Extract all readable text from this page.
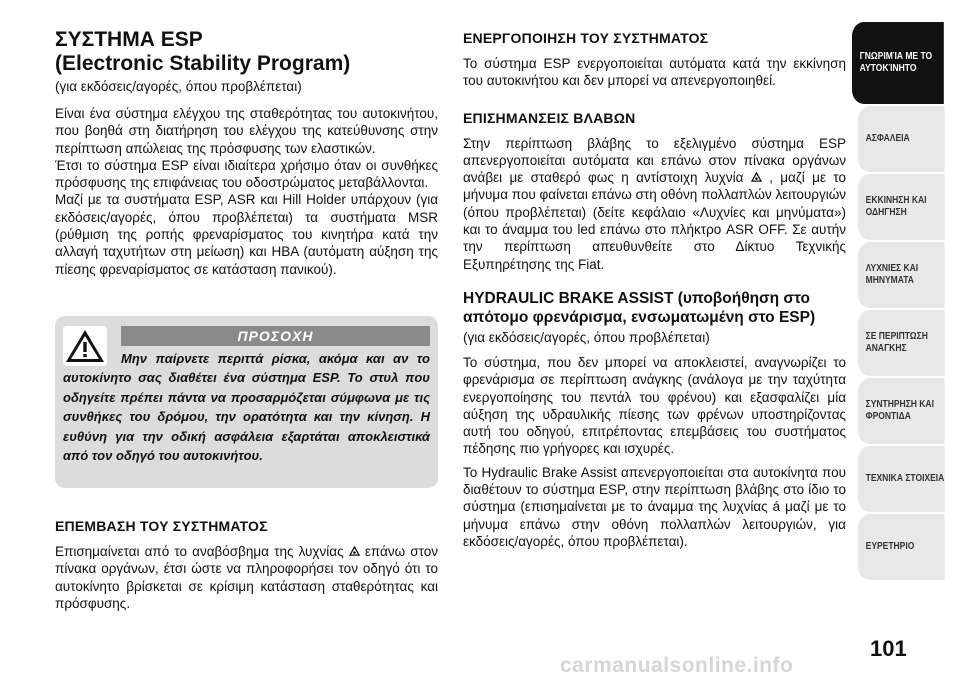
ΣΥΣΤΗΜΑ ESP
(Electronic Stability Program)
(για εκδόσεις/αγορές, όπου προβλέπεται)

Είναι ένα σύστημα ελέγχου της σταθερότητας του αυτοκινήτου, που βοηθά στη διατήρηση του ελέγχου της κατεύθυνσης στην περίπτωση απώλειας της πρόσφυσης των ελαστικών.

Έτσι το σύστημα ESP είναι ιδιαίτερα χρήσιμο όταν οι συνθήκες πρόσφυσης της επιφάνειας του οδοστρώματος μεταβάλλονται.

Μαζί με τα συστήματα ESP, ASR και Hill Holder υπάρχουν (για εκδόσεις/αγορές, όπου προβλέπεται) τα συστήματα MSR (ρύθμιση της ροπής φρεναρίσματος του κινητήρα κατά την αλλαγή ταχυτήτων στη μείωση) και HBA (αυτόματη αύξηση της πίεσης φρεναρίσματος σε κατάσταση πανικού).

ΠΡΟΣΟΧΗ
Μην παίρνετε περιττά ρίσκα, ακόμα και αν το αυτοκίνητο σας διαθέτει ένα σύστημα ESP. Το στυλ που οδηγείτε πρέπει πάντα να προσαρμόζεται σύμφωνα με τις συνθήκες του δρόμου, την ορατότητα και την κίνηση. Η ευθύνη για την οδική ασφάλεια εξαρτάται αποκλειστικά από τον οδηγό του αυτοκινήτου.
ΕΠΕΜΒΑΣΗ ΤΟΥ ΣΥΣΤΗΜΑΤΟΣ

Επισημαίνεται από το αναβόσβημα της λυχνίας επάνω στον πίνακα οργάνων, έτσι ώστε να πληροφορήσει τον οδηγό ότι το αυτοκίνητο βρίσκεται σε κρίσιμη κατάσταση σταθερότητας και πρόσφυσης.

ΕΝΕΡΓΟΠΟΙΗΣΗ ΤΟΥ ΣΥΣΤΗΜΑΤΟΣ

Το σύστημα ESP ενεργοποιείται αυτόματα κατά την εκκίνηση του αυτοκινήτου και δεν μπορεί να απενεργοποιηθεί.

ΕΠΙΣΗΜΑΝΣΕΙΣ ΒΛΑΒΩΝ

Στην περίπτωση βλάβης το εξελιγμένο σύστημα ESP απενεργοποιείται αυτόματα και επάνω στον πίνακα οργάνων ανάβει με σταθερό φως η αντίστοιχη λυχνία , μαζί με το μήνυμα που φαίνεται επάνω στη οθόνη πολλαπλών λειτουργιών (όπου προβλέπεται) (δείτε κεφάλαιο «Λυχνίες και μηνύματα») και το άναμμα του led επάνω στο πλήκτρο ASR OFF. Σε αυτήν την περίπτωση απευθυνθείτε στο Δίκτυο Τεχνικής Εξυπηρέτησης της Fiat.

HYDRAULIC BRAKE ASSIST (υποβοήθηση στο
απότομο φρενάρισμα, ενσωματωμένη στο ESP)
(για εκδόσεις/αγορές, όπου προβλέπεται)

Το σύστημα, που δεν μπορεί να αποκλειστεί, αναγνωρίζει το φρενάρισμα σε περίπτωση ανάγκης (ανάλογα με την ταχύτητα ενεργοποίησης του πεντάλ του φρένου) και εξασφαλίζει μία αύξηση της υδραυλικής πίεσης των φρένων υποστηρίζοντας αυτή του οδηγού, επιτρέποντας επεμβάσεις του συστήματος πέδησης πιο γρήγορες και ισχυρές.

Το Hydraulic Brake Assist απενεργοποιείται στα αυτοκίνητα που διαθέτουν το σύστημα ESP, στην περίπτωση βλάβης στο ίδιο το σύστημα (επισημαίνεται με το άναμμα της λυχνίας á μαζί με το μήνυμα επάνω στην οθόνη πολλαπλών λειτουργιών, για εκδόσεις/αγορές, όπου προβλέπεται).

ΓΝΩΡΙΜΊΑ ΜΕ ΤΟ
ΑΥΤΟΚΊΝΗΤΟ
ΑΣΦΑΛΕΙΑ
ΕΚΚΙΝΗΣΗ ΚΑΙ
ΟΔΗΓΗΣΗ
ΛΥΧΝΙΕΣ ΚΑΙ
ΜΗΝΥΜΑΤΑ
ΣΕ ΠΕΡΙΠΤΩΣΗ
ΑΝΑΓΚΗΣ
ΣΥΝΤΗΡΗΣΗ ΚΑΙ
ΦΡΟΝΤΙΔΑ
ΤΕΧΝΙΚΑ ΣΤΟΙΧΕΙΑ
ΕΥΡΕΤΗΡΙΟ
101
carmanualsonline.info
